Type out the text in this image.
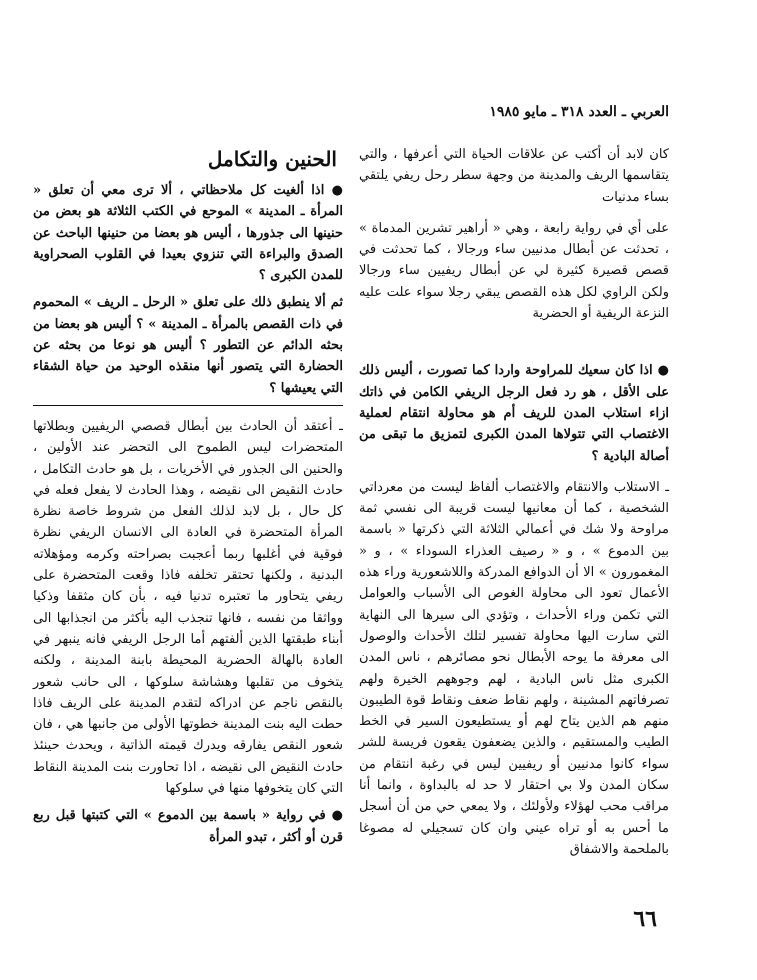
العربي ـ العدد ٣١٨ ـ مايو ١٩٨٥

كان لابد أن أكتب عن علاقات الحياة التي أعرفها ، والتي يتقاسمها الريف والمدينة من وجهة سطر رحل ريفي يلتقي بساء مدنيات

على أي في رواية رابعة ، وهي « أراهير تشرين المدماة » ، تحدثت عن أبطال مدنيين ساء ورجالا ، كما تحدثت في قصص قصيرة كثيرة لي عن أبطال ريفيين ساء ورجالا ولكن الراوي لكل هذه القصص يبقي رجلا سواء علت عليه النزعة الريفية أو الحضرية

● اذا كان سعيك للمراوحة واردا كما تصورت ، أليس ذلك على الأقل ، هو رد فعل الرجل الريفي الكامن في ذاتك ازاء استلاب المدن للريف أم هو محاولة انتقام لعملية الاغتصاب التي تتولاها المدن الكبرى لتمزيق ما تبقى من أصالة البادية ؟

ـ الاستلاب والانتقام والاغتصاب ألفاظ ليست من معرداتي الشخصية ، كما أن معانيها ليست قريبة الى نفسي ثمة مراوحة ولا شك في أعمالي الثلاثة التي ذكرتها « باسمة بين الدموع » ، و « رصيف العذراء السوداء » ، و « المغمورون » الا أن الدوافع المدركة واللاشعورية وراء هذه الأعمال تعود الى محاولة الغوص الى الأسباب والعوامل التي تكمن وراء الأحداث ، وتؤدي الى سيرها الى النهاية التي سارت اليها محاولة تفسير لتلك الأحداث والوصول الى معرفة ما يوحه الأبطال نحو مصائرهم ، ناس المدن الكبرى مثل ناس البادية ، لهم وجوههم الخيرة ولهم تصرفاتهم المشينة ، ولهم نقاط ضعف ونقاط قوة الطيبون منهم هم الذين يتاح لهم أو يستطيعون السير في الخط الطيب والمستقيم ، والذين يضعفون يقعون فريسة للشر سواء كانوا مدنيين أو ريفيين ليس في رغبة انتقام من سكان المدن ولا بي احتقار لا حد له بالبداوة ، وانما أنا مراقب محب لهؤلاء ولأولئك ، ولا يمعي حي من أن أسجل ما أحس به أو تراه عيني وان كان تسجيلي له مصوغا بالملحمة والاشفاق

الحنين والتكامل

● اذا ألغيت كل ملاحظاتي ، ألا ترى معي أن تعلق « المرأة ـ المدينة » الموحع في الكتب الثلاثة هو بعض من حنينها الى جذورها ، أليس هو بعضا من حنينها الباحث عن الصدق والبراءة التي تنزوي بعيدا في القلوب الصحراوية للمدن الكبرى ؟

ثم ألا ينطبق ذلك على تعلق « الرحل ـ الريف » المحموم في ذات القصص بالمرأة ـ المدينة » ؟ أليس هو بعضا من بحثه الدائم عن التطور ؟ أليس هو نوعا من بحثه عن الحضارة التي يتصور أنها منقذه الوحيد من حياة الشقاء التي يعيشها ؟

ـ أعتقد أن الحادث بين أبطال قصصي الريفيين وبطلاتها المتحضرات ليس الطموح الى التحضر عند الأولين ، والحنين الى الجذور في الأخريات ، بل هو حادث التكامل ، حادث النقيض الى نقيضه ، وهذا الحادث لا يفعل فعله في كل حال ، بل لابد لذلك الفعل من شروط خاصة نظرة المرأة المتحضرة في العادة الى الانسان الريفي نظرة فوقية في أغلبها ربما أعجبت بصراحته وكرمه ومؤهلاته البدنية ، ولكنها تحتقر تخلفه فاذا وقعت المتحضرة على ريفي يتحاور ما تعتبره تدنيا فيه ، بأن كان مثقفا وذكيا وواثقا من نفسه ، فانها تنجذب اليه بأكثر من انجذابها الى أبناء طبقتها الذين ألفتهم أما الرجل الريفي فانه ينبهر في العادة بالهالة الحضرية المحيطة بابنة المدينة ، ولكنه يتخوف من تقلبها وهشاشة سلوكها ، الى حانب شعور بالنقص ناجم عن ادراكه لتقدم المدينة على الريف فاذا حطت اليه بنت المدينة خطوتها الأولى من جانبها هي ، فان شعور النقص يفارقه ويدرك قيمته الذاتية ، ويحدث حينئذ حادث النقيض الى نقيضه ، اذا تحاورت بنت المدينة النقاط التي كان يتخوفها منها في سلوكها

● في رواية « باسمة بين الدموع » التي كتبتها قبل ربع قرن أو أكثر ، تبدو المرأة

٦٦
